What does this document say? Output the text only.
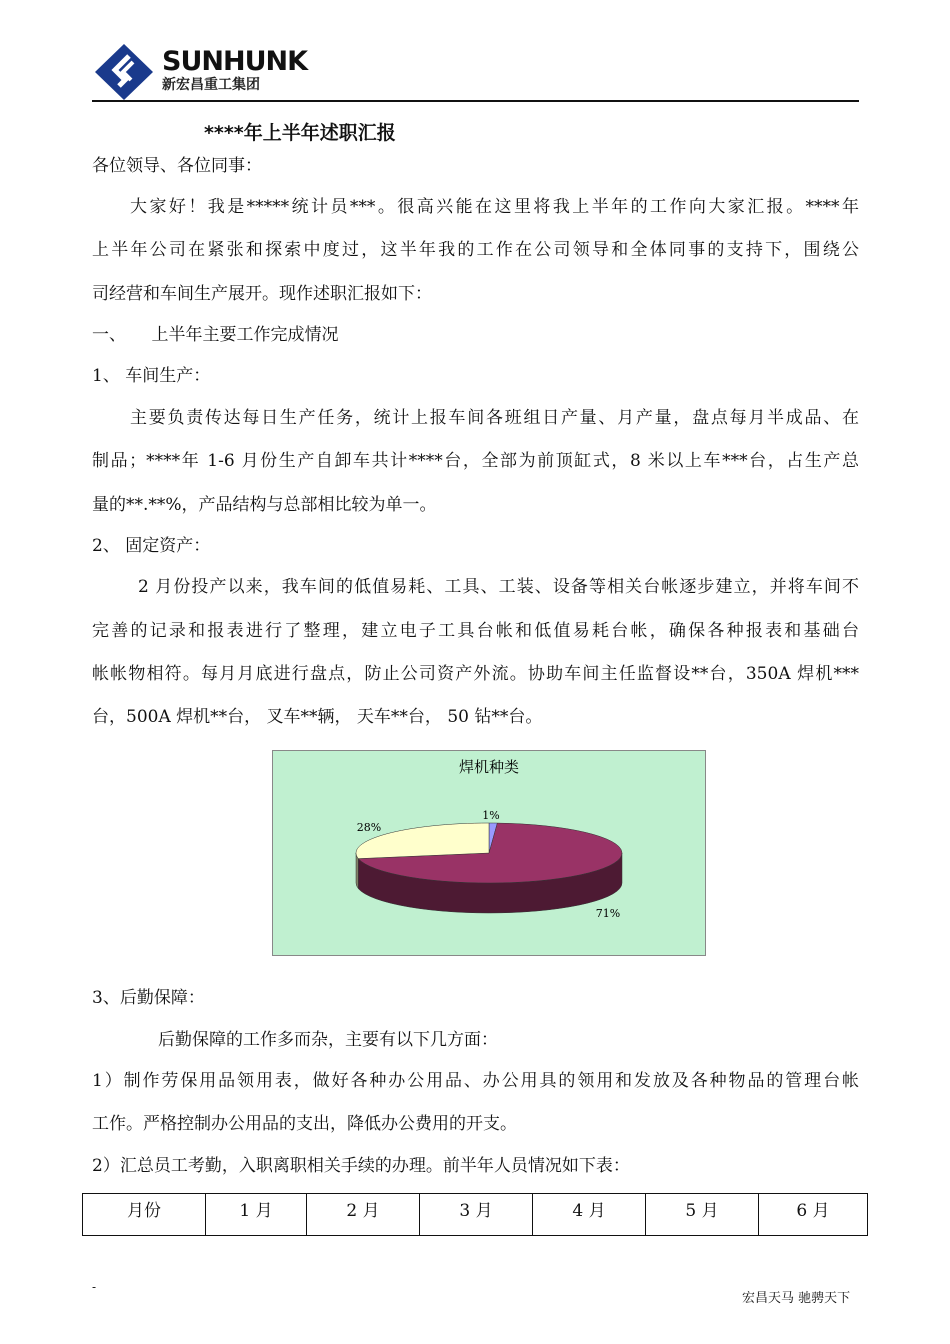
SUNHUNK
新宏昌重工集团
****年上半年述职汇报
各位领导、各位同事：
大家好！我是*****统计员***。很高兴能在这里将我上半年的工作向大家汇报。****年
上半年公司在紧张和探索中度过，这半年我的工作在公司领导和全体同事的支持下，围绕公
司经营和车间生产展开。现作述职汇报如下：
一、　　上半年主要工作完成情况
1、 车间生产：
主要负责传达每日生产任务，统计上报车间各班组日产量、月产量，盘点每月半成品、在
制品；****年 1-6 月份生产自卸车共计****台，全部为前顶缸式，8 米以上车***台，占生产总
量的**.**%，产品结构与总部相比较为单一。
2、 固定资产：
2 月份投产以来，我车间的低值易耗、工具、工装、设备等相关台帐逐步建立，并将车间不
完善的记录和报表进行了整理，建立电子工具台帐和低值易耗台帐，确保各种报表和基础台
帐帐物相符。每月月底进行盘点，防止公司资产外流。协助车间主任监督设**台，350A 焊机***
台，500A 焊机**台， 叉车**辆， 天车**台， 50 钻**台。
焊机种类
1%
71%
28%
3、后勤保障：
后勤保障的工作多而杂，主要有以下几方面：
1）制作劳保用品领用表，做好各种办公用品、办公用具的领用和发放及各种物品的管理台帐
工作。严格控制办公用品的支出，降低办公费用的开支。
2）汇总员工考勤，入职离职相关手续的办理。前半年人员情况如下表：
月份	1 月	2 月	3 月	4 月	5 月	6 月
-
宏昌天马 驰骋天下
